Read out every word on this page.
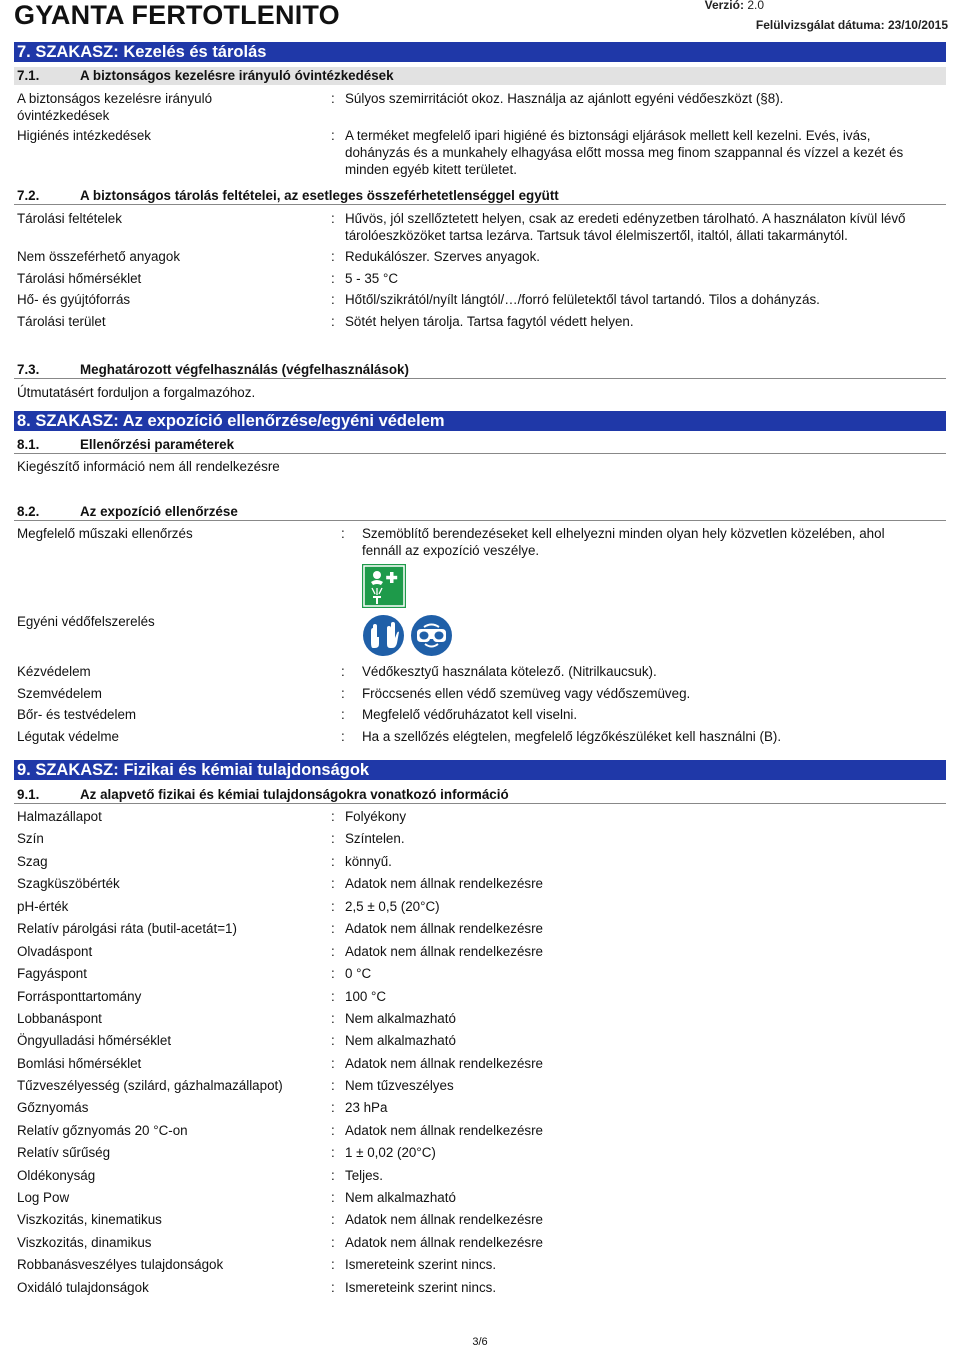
GYANTA FERTOTLENITO	Verzió: 2.0
Felülvizsgálat dátuma: 23/10/2015
7. SZAKASZ: Kezelés és tárolás
7.1.	A biztonságos kezelésre irányuló óvintézkedések
A biztonságos kezelésre irányuló
óvintézkedések
: Súlyos szemirritációt okoz. Használja az ajánlott egyéni védőeszközt (§8).
Higiénés intézkedések	: A terméket megfelelő ipari higiéné és biztonsági eljárások mellett kell kezelni. Evés, ivás,
dohányzás és a munkahely elhagyása előtt mossa meg finom szappannal és vízzel a kezét és
minden egyéb kitett területet.
7.2.	A biztonságos tárolás feltételei, az esetleges összeférhetetlenséggel együtt
Tárolási feltételek	: Hűvös, jól szellőztetett helyen, csak az eredeti edényzetben tárolható. A használaton kívül lévő
tárolóeszközöket tartsa lezárva. Tartsuk távol élelmiszertől, italtól, állati takarmánytól.
Nem összeférhető anyagok	: Redukálószer. Szerves anyagok.
Tárolási hőmérséklet	: 5 - 35 °C
Hő- és gyújtóforrás	: Hőtől/szikrától/nyílt lángtól/…/forró felületektől távol tartandó. Tilos a dohányzás.
Tárolási terület	: Sötét helyen tárolja. Tartsa fagytól védett helyen.
7.3.	Meghatározott végfelhasználás (végfelhasználások)
Útmutatásért forduljon a forgalmazóhoz.
8. SZAKASZ: Az expozíció ellenőrzése/egyéni védelem
8.1.	Ellenőrzési paraméterek
Kiegészítő információ nem áll rendelkezésre
8.2.	Az expozíció ellenőrzése
Megfelelő műszaki ellenőrzés	: Szemöblítő berendezéseket kell elhelyezni minden olyan hely közvetlen közelében, ahol
fennáll az expozíció veszélye.
Egyéni védőfelszerelés
Kézvédelem	: Védőkesztyű használata kötelező. (Nitrilkaucsuk).
Szemvédelem	: Fröccsenés ellen védő szemüveg vagy védőszemüveg.
Bőr- és testvédelem	: Megfelelő védőruházatot kell viselni.
Légutak védelme	: Ha a szellőzés elégtelen, megfelelő légzőkészüléket kell használni (B).
9. SZAKASZ: Fizikai és kémiai tulajdonságok
9.1.	Az alapvető fizikai és kémiai tulajdonságokra vonatkozó információ
Halmazállapot	: Folyékony
Szín	: Színtelen.
Szag	: könnyű.
Szagküszöbérték	: Adatok nem állnak rendelkezésre
pH-érték	: 2,5 ± 0,5 (20°C)
Relatív párolgási ráta (butil-acetát=1)	: Adatok nem állnak rendelkezésre
Olvadáspont	: Adatok nem állnak rendelkezésre
Fagyáspont	: 0 °C
Forrásponttartomány	: 100 °C
Lobbanáspont	: Nem alkalmazható
Öngyulladási hőmérséklet	: Nem alkalmazható
Bomlási hőmérséklet	: Adatok nem állnak rendelkezésre
Tűzveszélyesség (szilárd, gázhalmazállapot)	: Nem tűzveszélyes
Gőznyomás	: 23 hPa
Relatív gőznyomás 20 °C-on	: Adatok nem állnak rendelkezésre
Relatív sűrűség	: 1 ± 0,02 (20°C)
Oldékonyság	: Teljes.
Log Pow	: Nem alkalmazható
Viszkozitás, kinematikus	: Adatok nem állnak rendelkezésre
Viszkozitás, dinamikus	: Adatok nem állnak rendelkezésre
Robbanásveszélyes tulajdonságok	: Ismereteink szerint nincs.
Oxidáló tulajdonságok	: Ismereteink szerint nincs.
3/6
